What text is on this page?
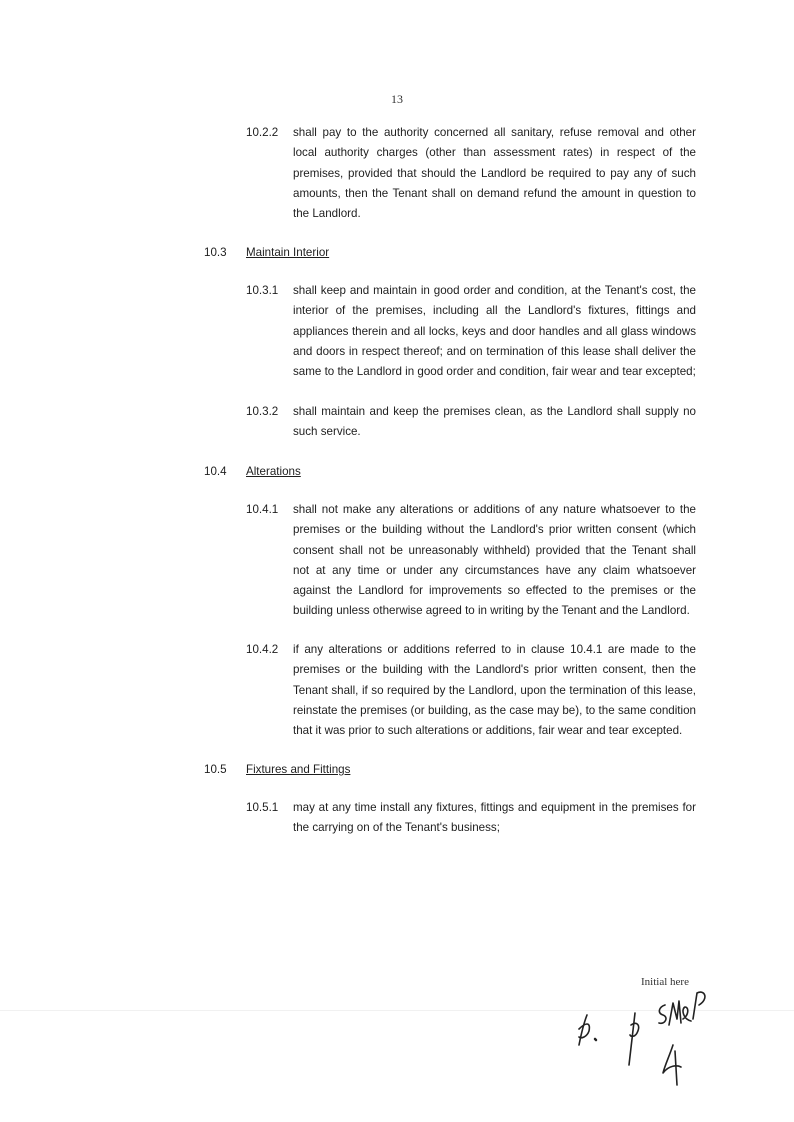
13
10.2.2 shall pay to the authority concerned all sanitary, refuse removal and other
local authority charges (other than assessment rates) in respect of the
premises, provided that should the Landlord be required to pay any of such
amounts, then the Tenant shall on demand refund the amount in question to
the Landlord.
10.3 Maintain Interior
10.3.1 shall keep and maintain in good order and condition, at the Tenant's cost, the
interior of the premises, including all the Landlord's fixtures, fittings and
appliances therein and all locks, keys and door handles and all glass windows
and doors in respect thereof; and on termination of this lease shall deliver the
same to the Landlord in good order and condition, fair wear and tear excepted;
10.3.2 shall maintain and keep the premises clean, as the Landlord shall supply no
such service.
10.4 Alterations
10.4.1 shall not make any alterations or additions of any nature whatsoever to the
premises or the building without the Landlord's prior written consent (which
consent shall not be unreasonably withheld) provided that the Tenant shall
not at any time or under any circumstances have any claim whatsoever
against the Landlord for improvements so effected to the premises or the
building unless otherwise agreed to in writing by the Tenant and the Landlord.
10.4.2 if any alterations or additions referred to in clause 10.4.1 are made to the
premises or the building with the Landlord's prior written consent, then the
Tenant shall, if so required by the Landlord, upon the termination of this lease,
reinstate the premises (or building, as the case may be), to the same condition
that it was prior to such alterations or additions, fair wear and tear excepted.
10.5 Fixtures and Fittings
10.5.1 may at any time install any fixtures, fittings and equipment in the premises for
the carrying on of the Tenant's business;
Initial here
